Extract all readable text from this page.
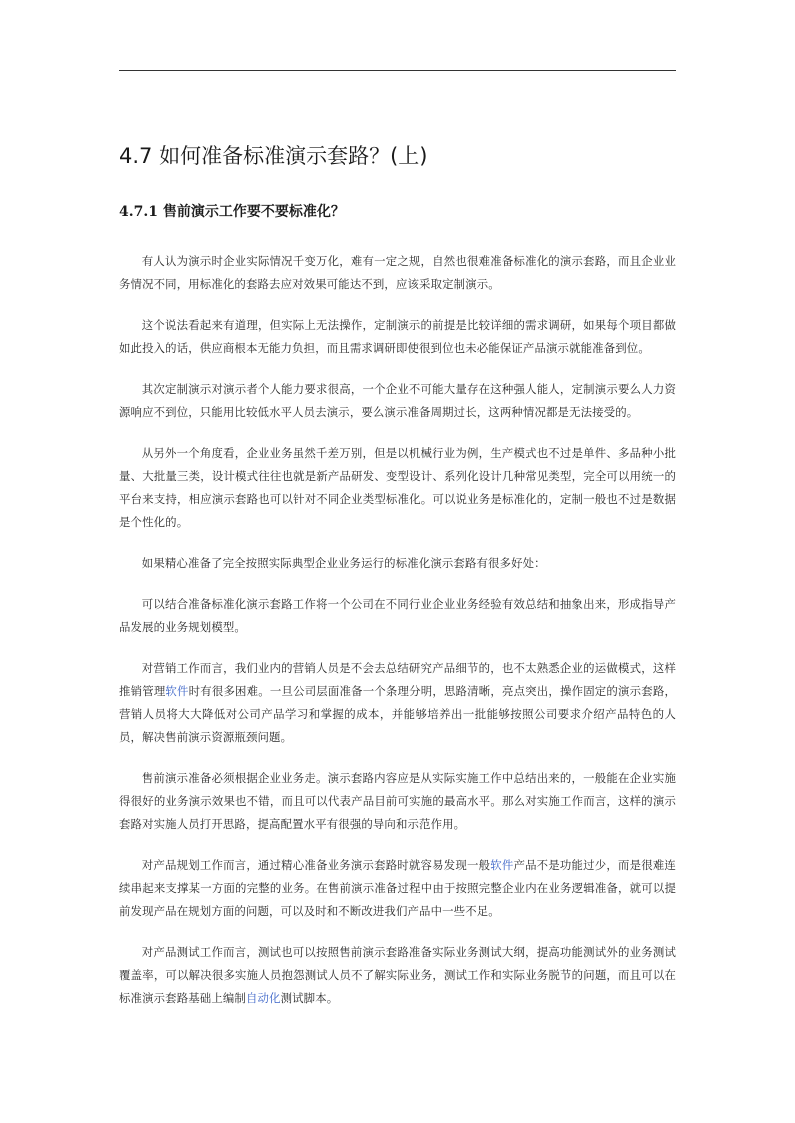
4.7 如何准备标准演示套路？(上)
4.7.1 售前演示工作要不要标准化？

有人认为演示时企业实际情况千变万化，难有一定之规，自然也很难准备标准化的演示套路，而且企业业务情况不同，用标准化的套路去应对效果可能达不到，应该采取定制演示。

这个说法看起来有道理，但实际上无法操作，定制演示的前提是比较详细的需求调研，如果每个项目都做如此投入的话，供应商根本无能力负担，而且需求调研即使很到位也未必能保证产品演示就能准备到位。

其次定制演示对演示者个人能力要求很高，一个企业不可能大量存在这种强人能人，定制演示要么人力资源响应不到位，只能用比较低水平人员去演示，要么演示准备周期过长，这两种情况都是无法接受的。

从另外一个角度看，企业业务虽然千差万别，但是以机械行业为例，生产模式也不过是单件、多品种小批量、大批量三类，设计模式往往也就是新产品研发、变型设计、系列化设计几种常见类型，完全可以用统一的平台来支持，相应演示套路也可以针对不同企业类型标准化。可以说业务是标准化的，定制一般也不过是数据是个性化的。

如果精心准备了完全按照实际典型企业业务运行的标准化演示套路有很多好处：

可以结合准备标准化演示套路工作将一个公司在不同行业企业业务经验有效总结和抽象出来，形成指导产品发展的业务规划模型。

对营销工作而言，我们业内的营销人员是不会去总结研究产品细节的，也不太熟悉企业的运做模式，这样推销管理软件时有很多困难。一旦公司层面准备一个条理分明，思路清晰，亮点突出，操作固定的演示套路，营销人员将大大降低对公司产品学习和掌握的成本，并能够培养出一批能够按照公司要求介绍产品特色的人员，解决售前演示资源瓶颈问题。

售前演示准备必须根据企业业务走。演示套路内容应是从实际实施工作中总结出来的，一般能在企业实施得很好的业务演示效果也不错，而且可以代表产品目前可实施的最高水平。那么对实施工作而言，这样的演示套路对实施人员打开思路，提高配置水平有很强的导向和示范作用。

对产品规划工作而言，通过精心准备业务演示套路时就容易发现一般软件产品不是功能过少，而是很难连续串起来支撑某一方面的完整的业务。在售前演示准备过程中由于按照完整企业内在业务逻辑准备，就可以提前发现产品在规划方面的问题，可以及时和不断改进我们产品中一些不足。

对产品测试工作而言，测试也可以按照售前演示套路准备实际业务测试大纲，提高功能测试外的业务测试覆盖率，可以解决很多实施人员抱怨测试人员不了解实际业务，测试工作和实际业务脱节的问题，而且可以在标准演示套路基础上编制自动化测试脚本。
